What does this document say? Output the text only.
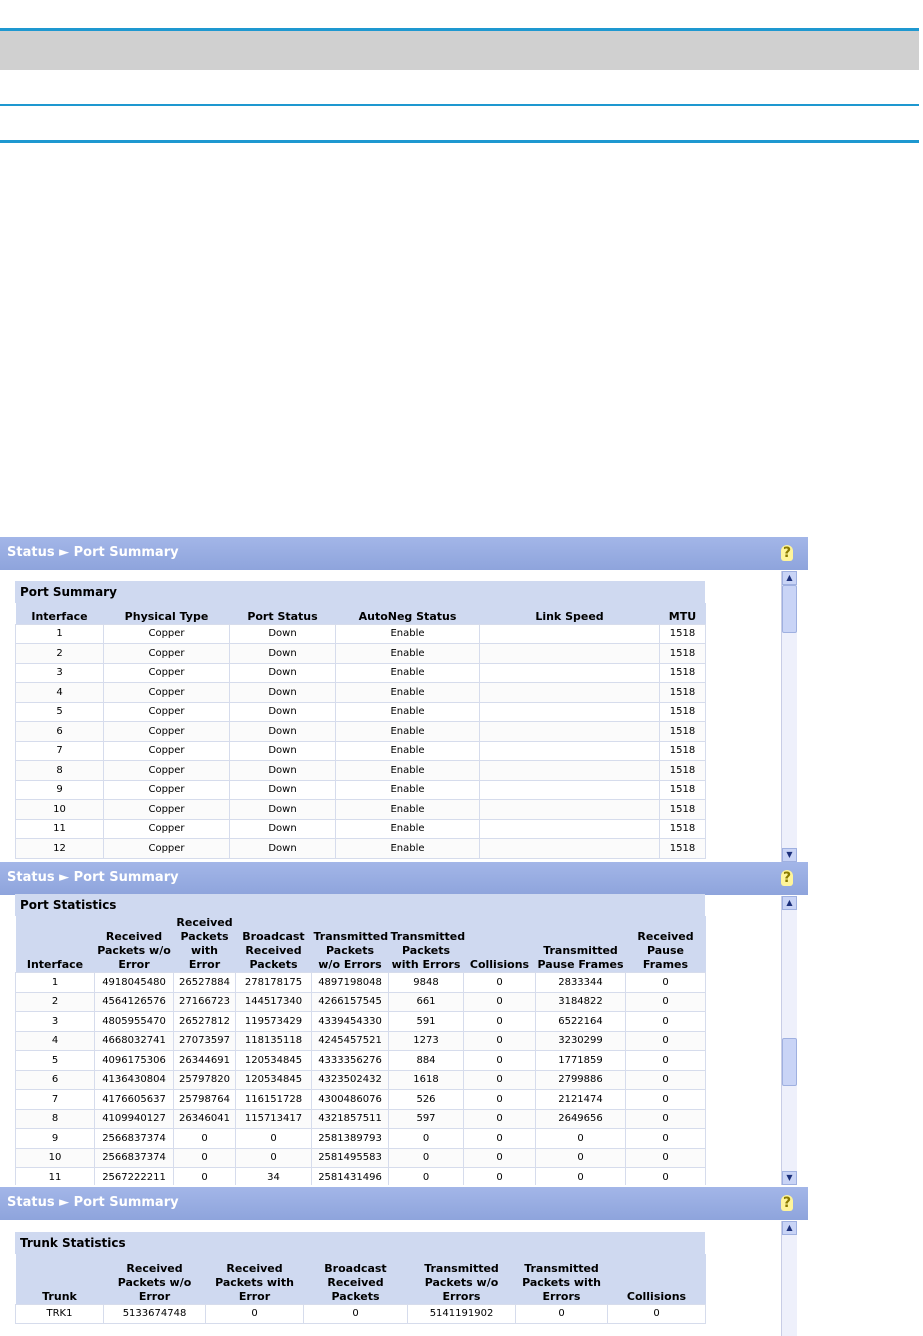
Status ► Port Summary	?
Port Summary
Interface	Physical Type	Port Status	AutoNeg Status	Link Speed	MTU
1	Copper	Down	Enable		1518
2	Copper	Down	Enable		1518
3	Copper	Down	Enable		1518
4	Copper	Down	Enable		1518
5	Copper	Down	Enable		1518
6	Copper	Down	Enable		1518
7	Copper	Down	Enable		1518
8	Copper	Down	Enable		1518
9	Copper	Down	Enable		1518
10	Copper	Down	Enable		1518
11	Copper	Down	Enable		1518
12	Copper	Down	Enable		1518
▲
▼
Status ► Port Summary	?
Port Statistics
Interface	Received Packets w/o Error	Received Packets with Error	Broadcast Received Packets	Transmitted Packets w/o Errors	Transmitted Packets with Errors	Collisions	Transmitted Pause Frames	Received Pause Frames
1	4918045480	26527884	278178175	4897198048	9848	0	2833344	0
2	4564126576	27166723	144517340	4266157545	661	0	3184822	0
3	4805955470	26527812	119573429	4339454330	591	0	6522164	0
4	4668032741	27073597	118135118	4245457521	1273	0	3230299	0
5	4096175306	26344691	120534845	4333356276	884	0	1771859	0
6	4136430804	25797820	120534845	4323502432	1618	0	2799886	0
7	4176605637	25798764	116151728	4300486076	526	0	2121474	0
8	4109940127	26346041	115713417	4321857511	597	0	2649656	0
9	2566837374	0	0	2581389793	0	0	0	0
10	2566837374	0	0	2581495583	0	0	0	0
11	2567222211	0	34	2581431496	0	0	0	0
▲
▼
Status ► Port Summary	?
Trunk Statistics
Trunk	Received Packets w/o Error	Received Packets with Error	Broadcast Received Packets	Transmitted Packets w/o Errors	Transmitted Packets with Errors	Collisions
TRK1	5133674748	0	0	5141191902	0	0
▲
